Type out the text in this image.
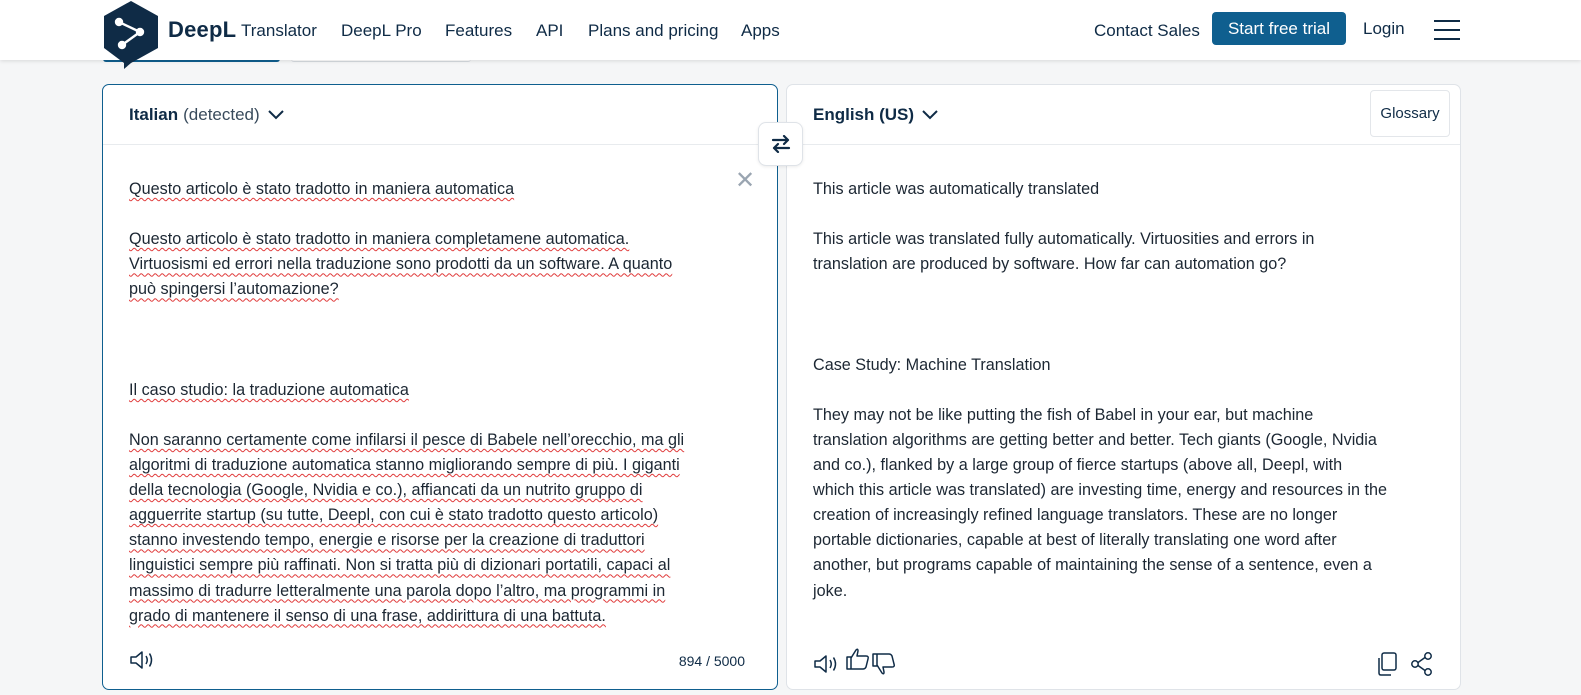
DeepL Translator DeepL Pro Features API Plans and pricing Apps	Contact Sales	Start free trial	Login
Italian (detected)
Questo articolo è stato tradotto in maniera automatica

Questo articolo è stato tradotto in maniera completamene automatica.
Virtuosismi ed errori nella traduzione sono prodotti da un software. A quanto
può spingersi l’automazione?

Il caso studio: la traduzione automatica

Non saranno certamente come infilarsi il pesce di Babele nell’orecchio, ma gli
algoritmi di traduzione automatica stanno migliorando sempre di più. I giganti
della tecnologia (Google, Nvidia e co.), affiancati da un nutrito gruppo di
agguerrite startup (su tutte, Deepl, con cui è stato tradotto questo articolo)
stanno investendo tempo, energie e risorse per la creazione di traduttori
linguistici sempre più raffinati. Non si tratta più di dizionari portatili, capaci al
massimo di tradurre letteralmente una parola dopo l’altro, ma programmi in
grado di mantenere il senso di una frase, addirittura di una battuta.
✕
894 / 5000
English (US)	Glossary
This article was automatically translated

This article was translated fully automatically. Virtuosities and errors in
translation are produced by software. How far can automation go?

Case Study: Machine Translation

They may not be like putting the fish of Babel in your ear, but machine
translation algorithms are getting better and better. Tech giants (Google, Nvidia
and co.), flanked by a large group of fierce startups (above all, Deepl, with
which this article was translated) are investing time, energy and resources in the
creation of increasingly refined language translators. These are no longer
portable dictionaries, capable at best of literally translating one word after
another, but programs capable of maintaining the sense of a sentence, even a
joke.
